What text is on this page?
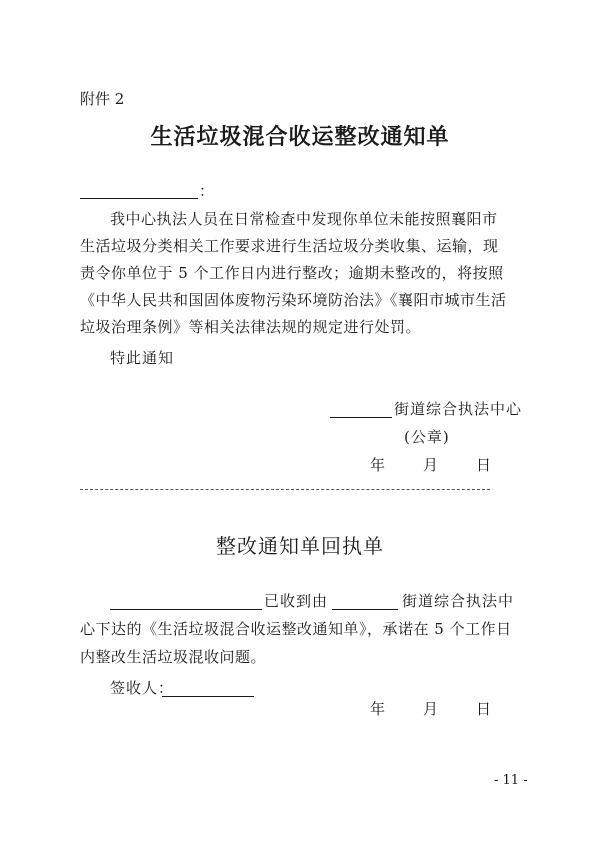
附件 2
生活垃圾混合收运整改通知单
：
我中心执法人员在日常检查中发现你单位未能按照襄阳市
生活垃圾分类相关工作要求进行生活垃圾分类收集、运输，现
责令你单位于 5 个工作日内进行整改；逾期未整改的，将按照
《中华人民共和国固体废物污染环境防治法》《襄阳市城市生活
垃圾治理条例》等相关法律法规的规定进行处罚。
特此通知
街道综合执法中心
(公章)
年	月	日
整改通知单回执单
已收到由	街道综合执法中
心下达的《生活垃圾混合收运整改通知单》，承诺在 5 个工作日
内整改生活垃圾混收问题。
签收人：
年	月	日
- 11 -
